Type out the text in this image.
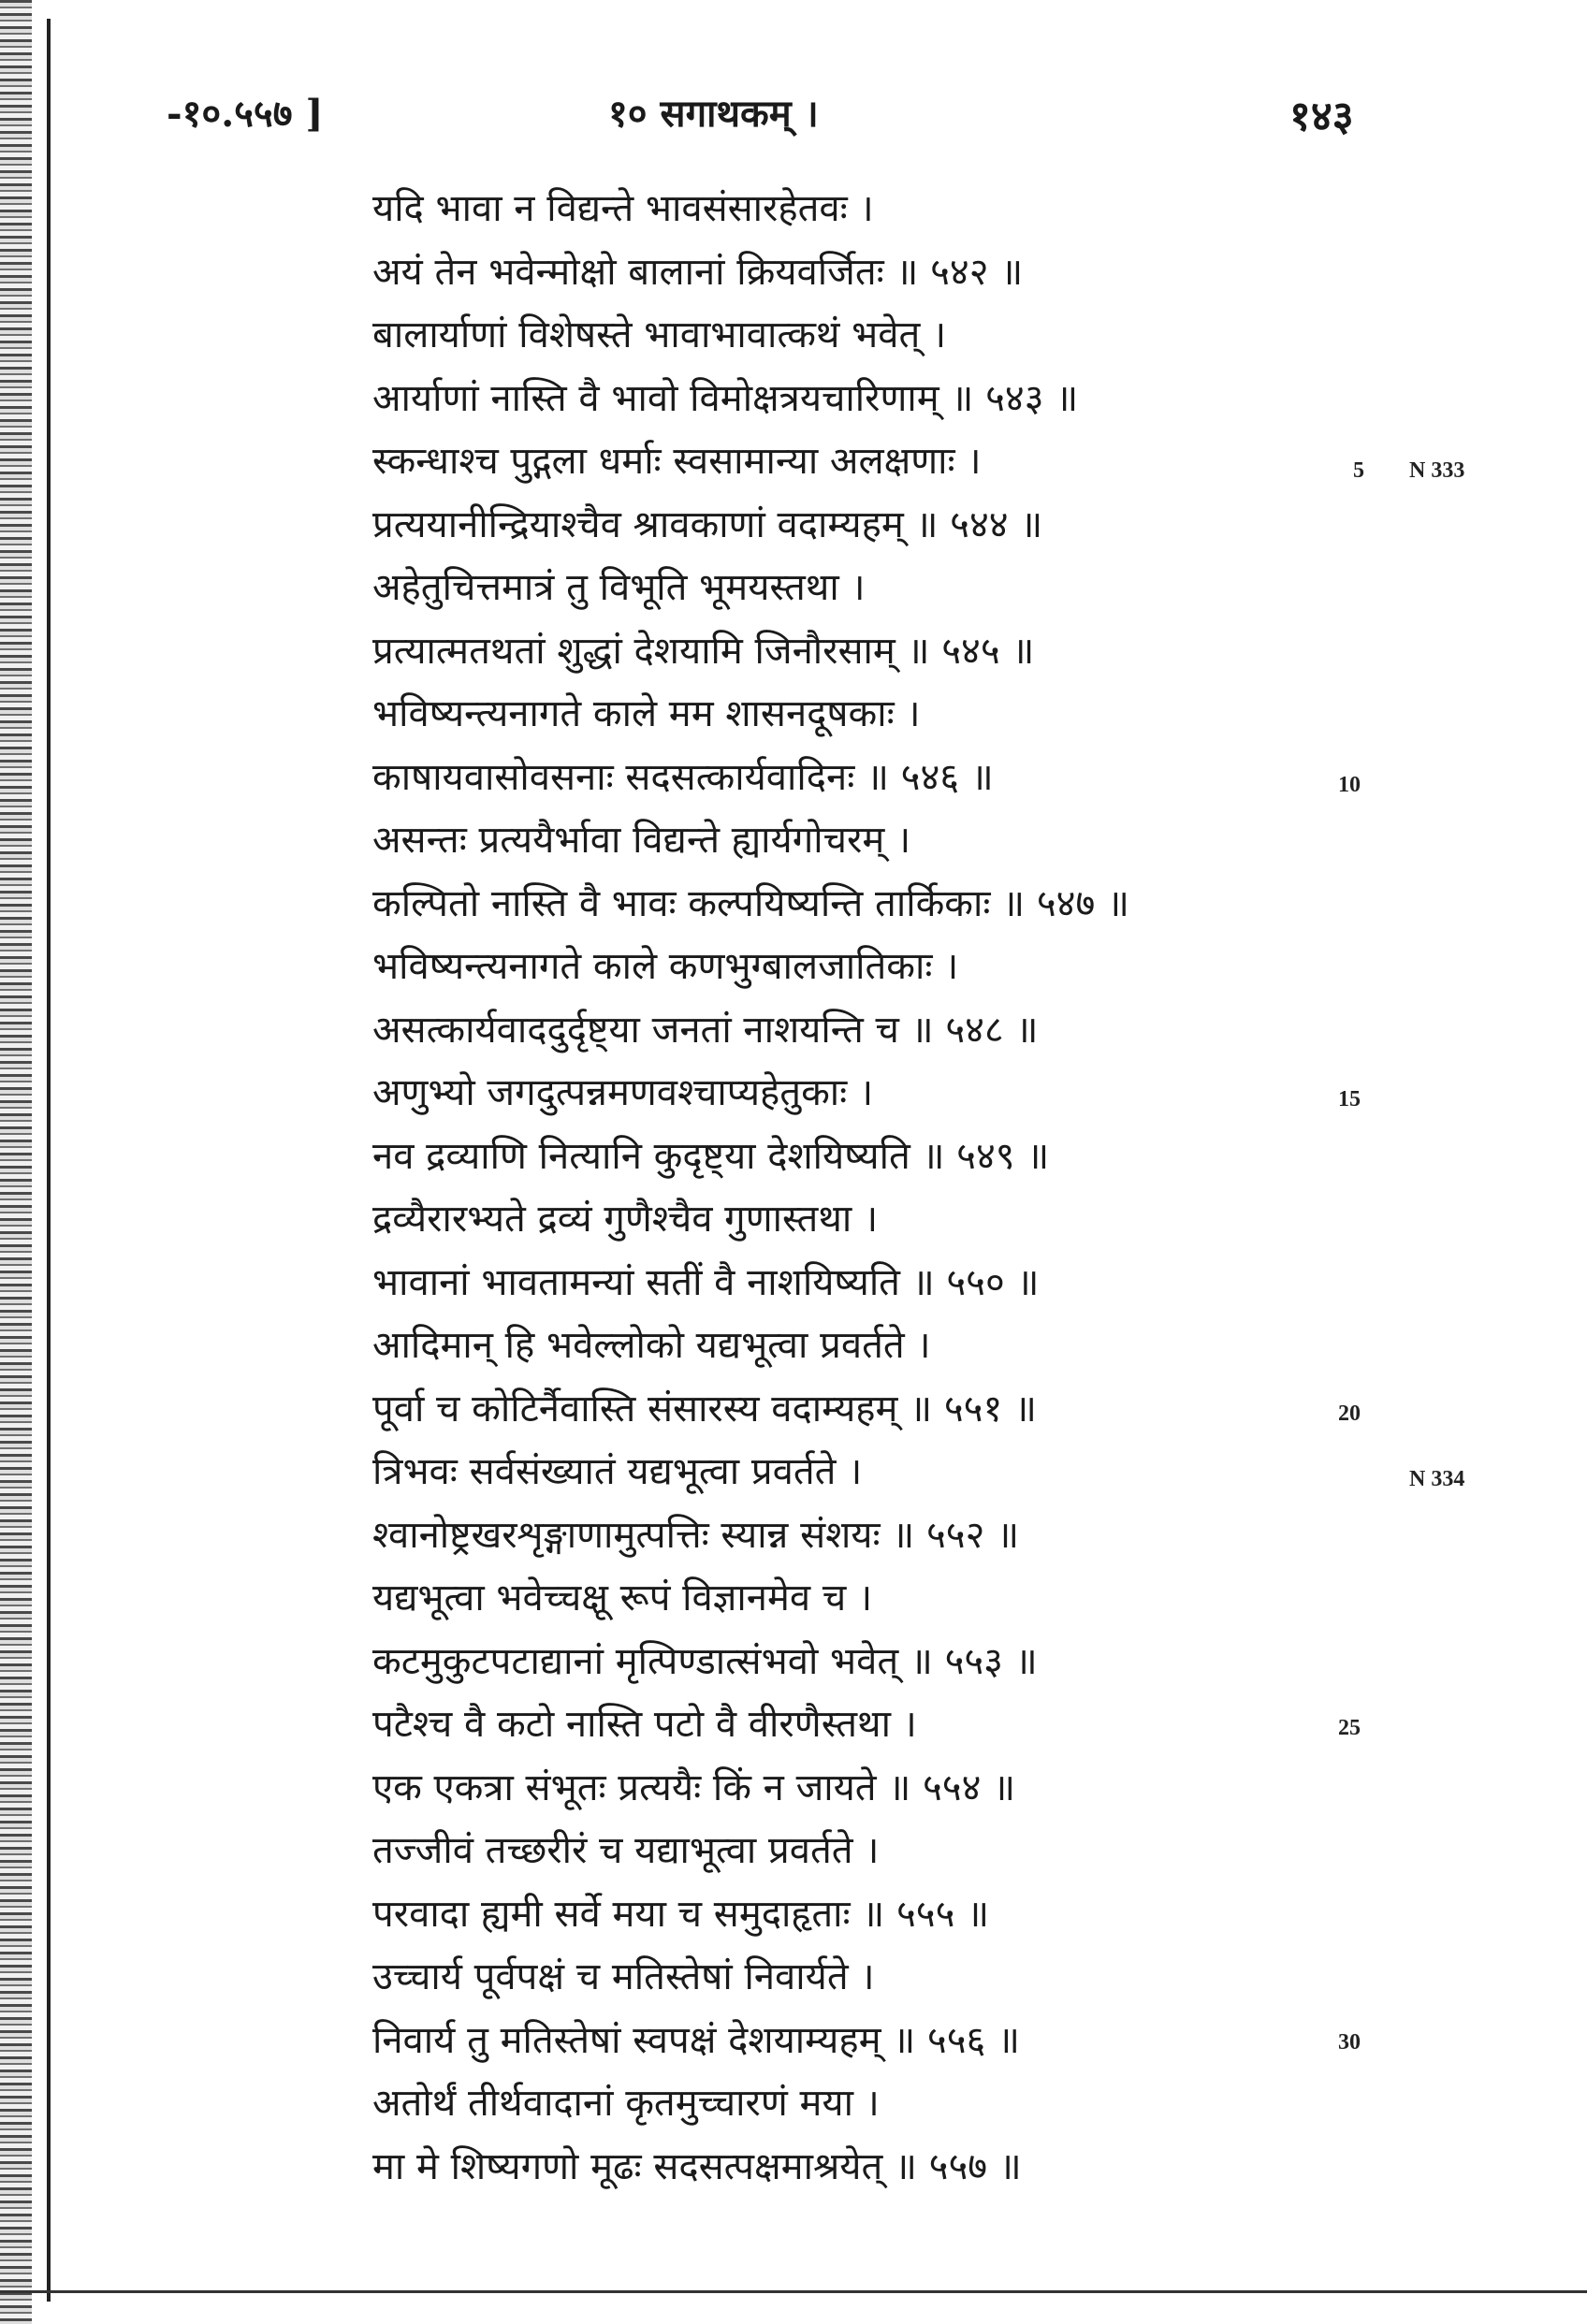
-१०.५५७ ]	१० सगाथकम् ।	१४३
यदि भावा न विद्यन्ते भावसंसारहेतवः ।
अयं तेन भवेन्मोक्षो बालानां क्रियवर्जितः ॥ ५४२ ॥
बालार्याणां विशेषस्ते भावाभावात्कथं भवेत् ।
आर्याणां नास्ति वै भावो विमोक्षत्रयचारिणाम् ॥ ५४३ ॥
स्कन्धाश्च पुद्गला धर्माः स्वसामान्या अलक्षणाः ।
प्रत्ययानीन्द्रियाश्चैव श्रावकाणां वदाम्यहम् ॥ ५४४ ॥
अहेतुचित्तमात्रं तु विभूति भूमयस्तथा ।
प्रत्यात्मतथतां शुद्धां देशयामि जिनौरसाम् ॥ ५४५ ॥
भविष्यन्त्यनागते काले मम शासनदूषकाः ।
काषायवासोवसनाः सदसत्कार्यवादिनः ॥ ५४६ ॥
असन्तः प्रत्ययैर्भावा विद्यन्ते ह्यार्यगोचरम् ।
कल्पितो नास्ति वै भावः कल्पयिष्यन्ति तार्किकाः ॥ ५४७ ॥
भविष्यन्त्यनागते काले कणभुग्बालजातिकाः ।
असत्कार्यवाददुर्दृष्ट्या जनतां नाशयन्ति च ॥ ५४८ ॥
अणुभ्यो जगदुत्पन्नमणवश्चाप्यहेतुकाः ।
नव द्रव्याणि नित्यानि कुदृष्ट्या देशयिष्यति ॥ ५४९ ॥
द्रव्यैरारभ्यते द्रव्यं गुणैश्चैव गुणास्तथा ।
भावानां भावतामन्यां सतीं वै नाशयिष्यति ॥ ५५० ॥
आदिमान् हि भवेल्लोको यद्यभूत्वा प्रवर्तते ।
पूर्वा च कोटिर्नैवास्ति संसारस्य वदाम्यहम् ॥ ५५१ ॥
त्रिभवः सर्वसंख्यातं यद्यभूत्वा प्रवर्तते ।
श्वानोष्ट्रखरशृङ्गाणामुत्पत्तिः स्यान्न संशयः ॥ ५५२ ॥
यद्यभूत्वा भवेच्चक्षू रूपं विज्ञानमेव च ।
कटमुकुटपटाद्यानां मृत्पिण्डात्संभवो भवेत् ॥ ५५३ ॥
पटैश्च वै कटो नास्ति पटो वै वीरणैस्तथा ।
एक एकत्रा संभूतः प्रत्ययैः किं न जायते ॥ ५५४ ॥
तज्जीवं तच्छरीरं च यद्याभूत्वा प्रवर्तते ।
परवादा ह्यमी सर्वे मया च समुदाहृताः ॥ ५५५ ॥
उच्चार्य पूर्वपक्षं च मतिस्तेषां निवार्यते ।
निवार्य तु मतिस्तेषां स्वपक्षं देशयाम्यहम् ॥ ५५६ ॥
अतोर्थं तीर्थवादानां कृतमुच्चारणं मया ।
मा मे शिष्यगणो मूढः सदसत्पक्षमाश्रयेत् ॥ ५५७ ॥
5
10
15
20
25
30
N 333
N 334
